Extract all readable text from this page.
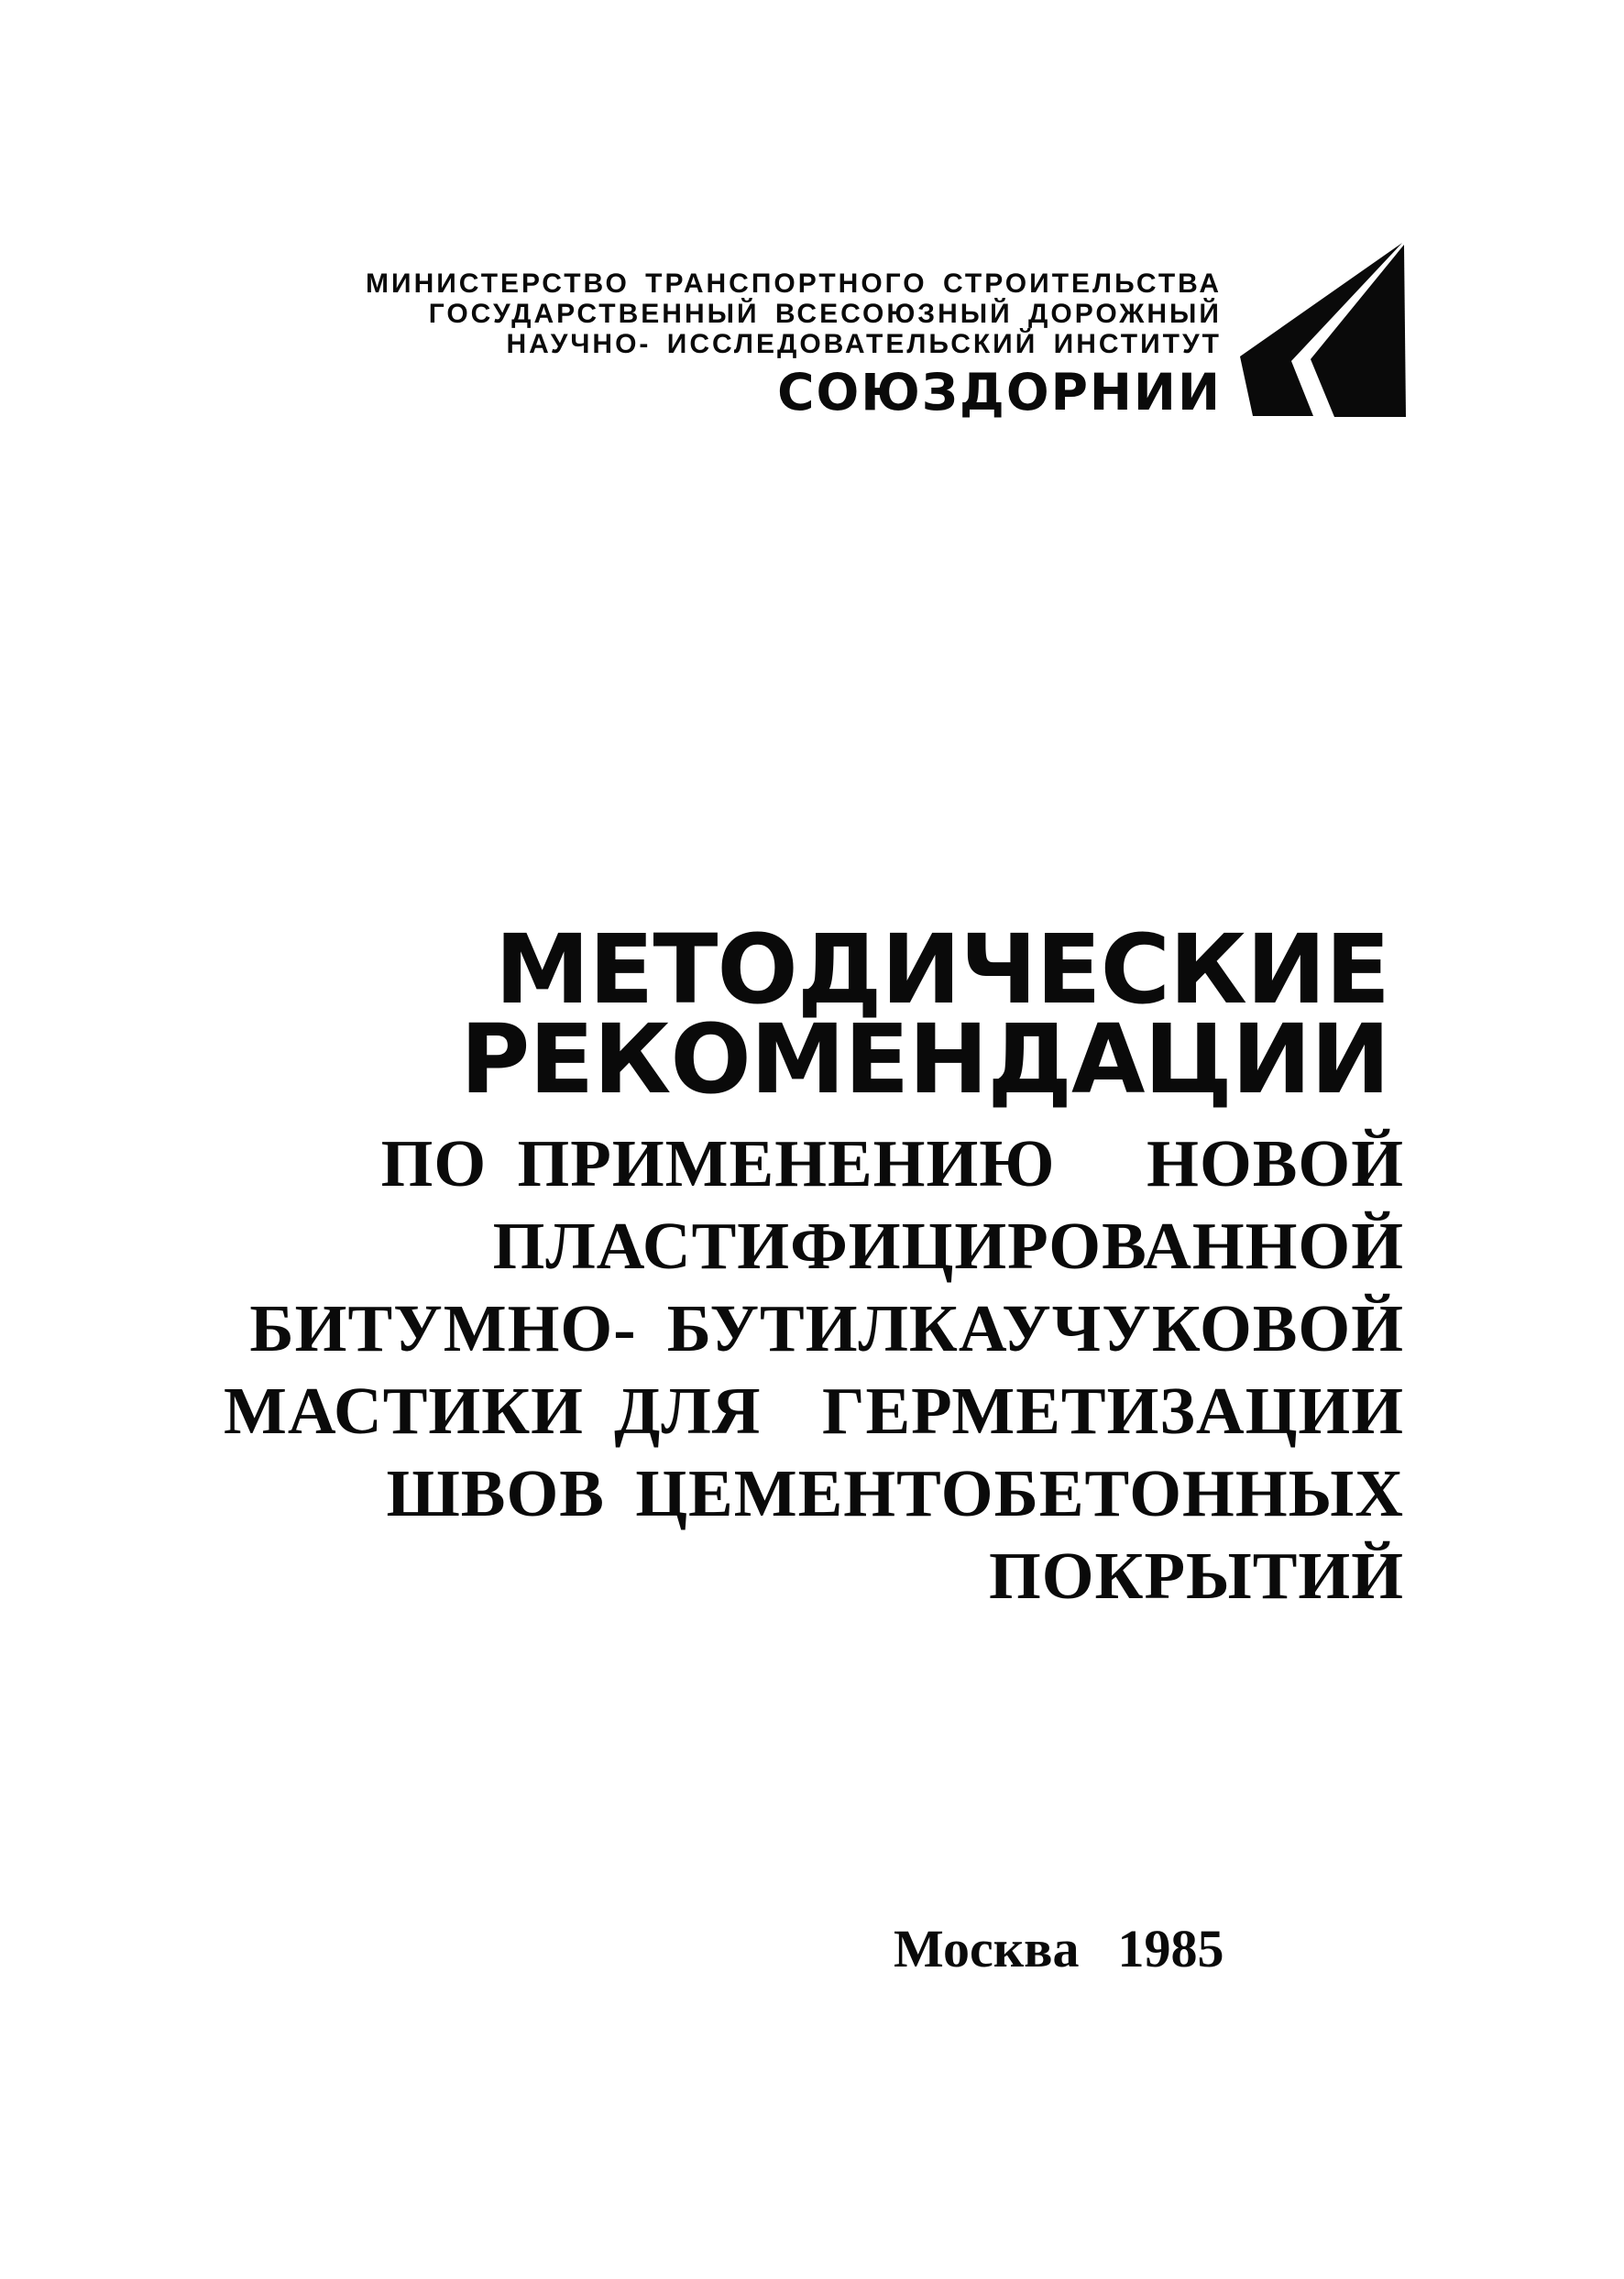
МИНИСТЕРСТВО ТРАНСПОРТНОГО СТРОИТЕЛЬСТВА
ГОСУДАРСТВЕННЫЙ ВСЕСОЮЗНЫЙ ДОРОЖНЫЙ
НАУЧНО- ИССЛЕДОВАТЕЛЬСКИЙ ИНСТИТУТ
СОЮЗДОРНИИ
МЕТОДИЧЕСКИЕ
РЕКОМЕНДАЦИИ
ПО ПРИМЕНЕНИЮ   НОВОЙ
ПЛАСТИФИЦИРОВАННОЙ
БИТУМНО- БУТИЛКАУЧУКОВОЙ
МАСТИКИ ДЛЯ  ГЕРМЕТИЗАЦИИ
ШВОВ ЦЕМЕНТОБЕТОННЫХ
ПОКРЫТИЙ
Москва 1985
